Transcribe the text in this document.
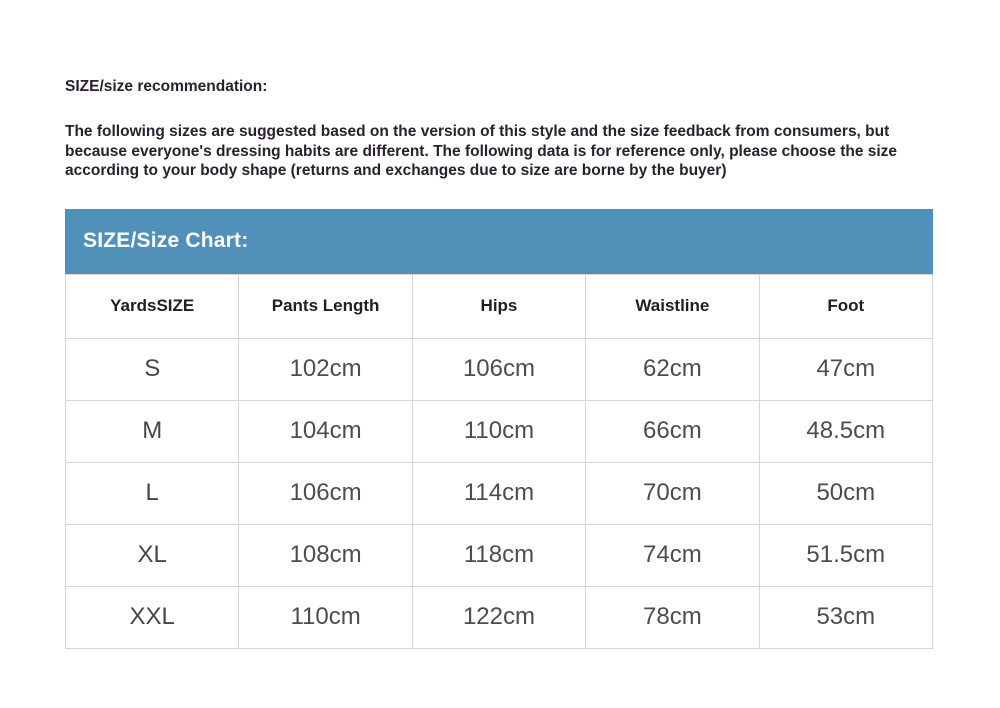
SIZE/size recommendation:
The following sizes are suggested based on the version of this style and the size feedback from consumers, but because everyone's dressing habits are different. The following data is for reference only, please choose the size according to your body shape (returns and exchanges due to size are borne by the buyer)
SIZE/Size Chart:
YardsSIZE	Pants Length	Hips	Waistline	Foot
S	102cm	106cm	62cm	47cm
M	104cm	110cm	66cm	48.5cm
L	106cm	114cm	70cm	50cm
XL	108cm	118cm	74cm	51.5cm
XXL	110cm	122cm	78cm	53cm
